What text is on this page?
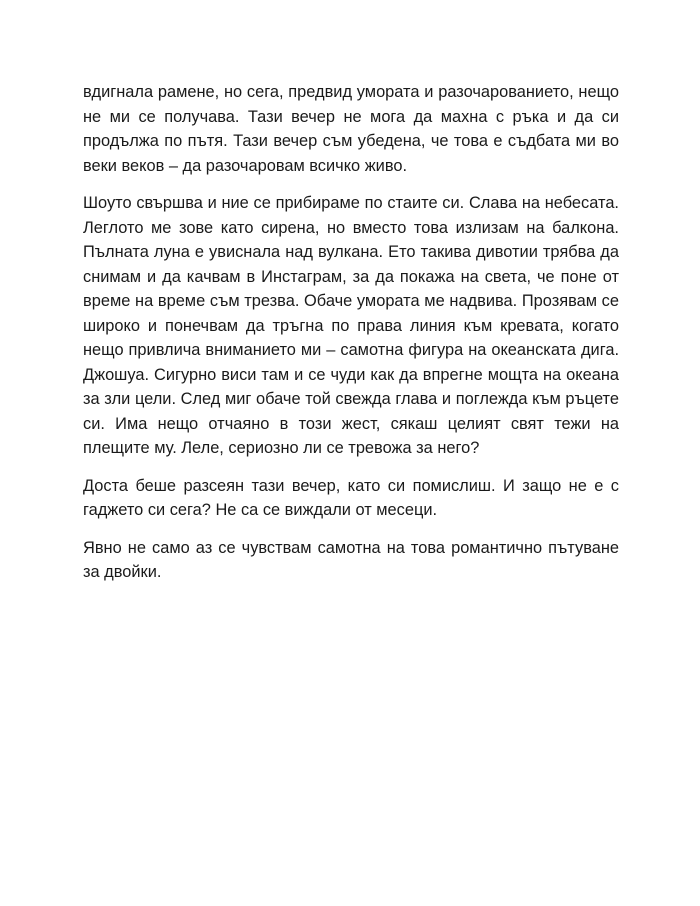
вдигнала рамене, но сега, предвид умората и разочарованието, нещо не ми се получава. Тази вечер не мога да махна с ръка и да си продължа по пътя. Тази вечер съм убедена, че това е съдбата ми во веки веков – да разочаровам всичко живо.

Шоуто свършва и ние се прибираме по стаите си. Слава на небесата. Леглото ме зове като сирена, но вместо това излизам на балкона. Пълната луна е увиснала над вулкана. Ето такива дивотии трябва да снимам и да качвам в Инстаграм, за да покажа на света, че поне от време на време съм трезва. Обаче умората ме надвива. Прозявам се широко и понечвам да тръгна по права линия към кревата, когато нещо привлича вниманието ми – самотна фигура на океанската дига. Джошуа. Сигурно виси там и се чуди как да впрегне мощта на океана за зли цели. След миг обаче той свежда глава и поглежда към ръцете си. Има нещо отчаяно в този жест, сякаш целият свят тежи на плещите му. Леле, сериозно ли се тревожа за него?

Доста беше разсеян тази вечер, като си помислиш. И защо не е с гаджето си сега? Не са се виждали от месеци.

Явно не само аз се чувствам самотна на това романтично пътуване за двойки.
